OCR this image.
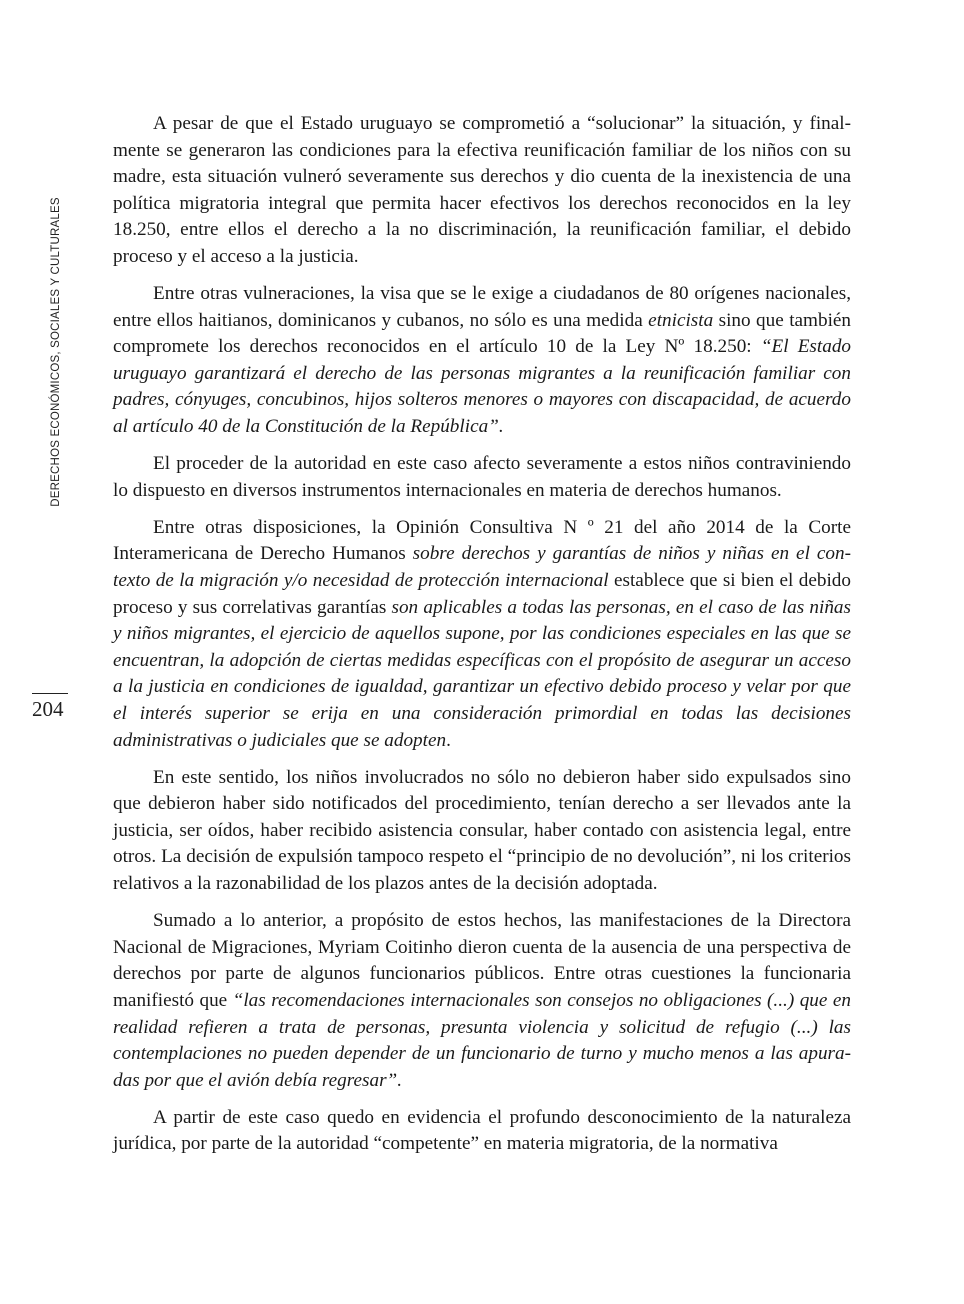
DERECHOS ECONÓMICOS, SOCIALES Y CULTURALES
204

A pesar de que el Estado uruguayo se comprometió a “solucionar” la situación, y finalmente se generaron las condiciones para la efectiva reunificación familiar de los niños con su madre, esta situación vulneró severamente sus derechos y dio cuenta de la inexistencia de una política migratoria integral que permita hacer efectivos los derechos reconocidos en la ley 18.250, entre ellos el derecho a la no discriminación, la reunificación familiar, el debido proceso y el acceso a la justicia.

Entre otras vulneraciones, la visa que se le exige a ciudadanos de 80 orígenes nacionales, entre ellos haitianos, dominicanos y cubanos, no sólo es una medida etnicista sino que también compromete los derechos reconocidos en el artículo 10 de la Ley Nº 18.250: “El Estado uruguayo garantizará el derecho de las personas migrantes a la reunificación familiar con padres, cónyuges, concubinos, hijos solteros menores o mayores con discapacidad, de acuerdo al artículo 40 de la Constitución de la República”.

El proceder de la autoridad en este caso afecto severamente a estos niños contraviniendo lo dispuesto en diversos instrumentos internacionales en materia de derechos humanos.

Entre otras disposiciones, la Opinión Consultiva N º 21 del año 2014 de la Corte Interamericana de Derecho Humanos sobre derechos y garantías de niños y niñas en el contexto de la migración y/o necesidad de protección internacional establece que si bien el debido proceso y sus correlativas garantías son aplicables a todas las personas, en el caso de las niñas y niños migrantes, el ejercicio de aquellos supone, por las condiciones especiales en las que se encuentran, la adopción de ciertas medidas específicas con el propósito de asegurar un acceso a la justicia en condiciones de igualdad, garantizar un efectivo debido proceso y velar por que el interés superior se erija en una consideración primordial en todas las decisiones administrativas o judiciales que se adopten.

En este sentido, los niños involucrados no sólo no debieron haber sido expulsados sino que debieron haber sido notificados del procedimiento, tenían derecho a ser llevados ante la justicia, ser oídos, haber recibido asistencia consular, haber contado con asistencia legal, entre otros. La decisión de expulsión tampoco respeto el “principio de no devolución”, ni los criterios relativos a la razonabilidad de los plazos antes de la decisión adoptada.

Sumado a lo anterior, a propósito de estos hechos, las manifestaciones de la Directora Nacional de Migraciones, Myriam Coitinho dieron cuenta de la ausencia de una perspectiva de derechos por parte de algunos funcionarios públicos. Entre otras cuestiones la funcionaria manifiestó que “las recomendaciones internacionales son consejos no obligaciones (...) que en realidad refieren a trata de personas, presunta violencia y solicitud de refugio (...) las contemplaciones no pueden depender de un funcionario de turno y mucho menos a las apuradas por que el avión debía regresar”.

A partir de este caso quedo en evidencia el profundo desconocimiento de la naturaleza jurídica, por parte de la autoridad “competente” en materia migratoria, de la normativa
